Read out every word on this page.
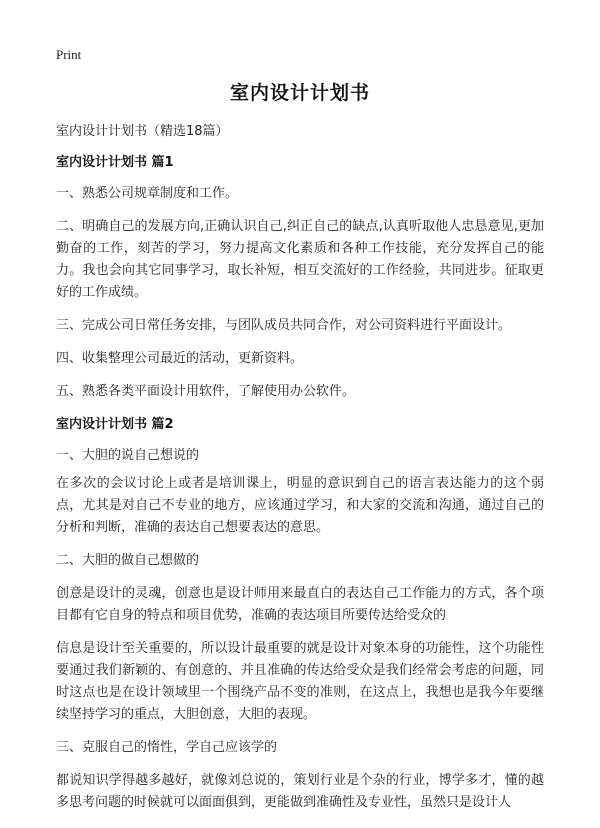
Print
室内设计计划书

室内设计计划书（精选18篇）

室内设计计划书 篇1

一、熟悉公司规章制度和工作。

二、明确自己的发展方向,正确认识自己,纠正自己的缺点,认真听取他人忠恳意见,更加勤奋的工作，刻苦的学习，努力提高文化素质和各种工作技能，充分发挥自己的能力。我也会向其它同事学习，取长补短，相互交流好的工作经验，共同进步。征取更好的工作成绩。

三、完成公司日常任务安排，与团队成员共同合作，对公司资料进行平面设计。

四、收集整理公司最近的活动，更新资料。

五、熟悉各类平面设计用软件，了解使用办公软件。

室内设计计划书 篇2

一、大胆的说自己想说的

在多次的会议讨论上或者是培训课上，明显的意识到自己的语言表达能力的这个弱点，尤其是对自己不专业的地方，应该通过学习，和大家的交流和沟通，通过自己的分析和判断，准确的表达自己想要表达的意思。

二、大胆的做自己想做的

创意是设计的灵魂，创意也是设计师用来最直白的表达自己工作能力的方式，各个项目都有它自身的特点和项目优势，准确的表达项目所要传达给受众的

信息是设计至关重要的，所以设计最重要的就是设计对象本身的功能性，这个功能性要通过我们新颖的、有创意的、并且准确的传达给受众是我们经常会考虑的问题，同时这点也是在设计领域里一个围绕产品不变的准则，在这点上，我想也是我今年要继续坚持学习的重点，大胆创意，大胆的表现。

三、克服自己的惰性，学自己应该学的

都说知识学得越多越好，就像刘总说的，策划行业是个杂的行业，博学多才，懂的越多思考问题的时候就可以面面俱到，更能做到准确性及专业性，虽然只是设计人
